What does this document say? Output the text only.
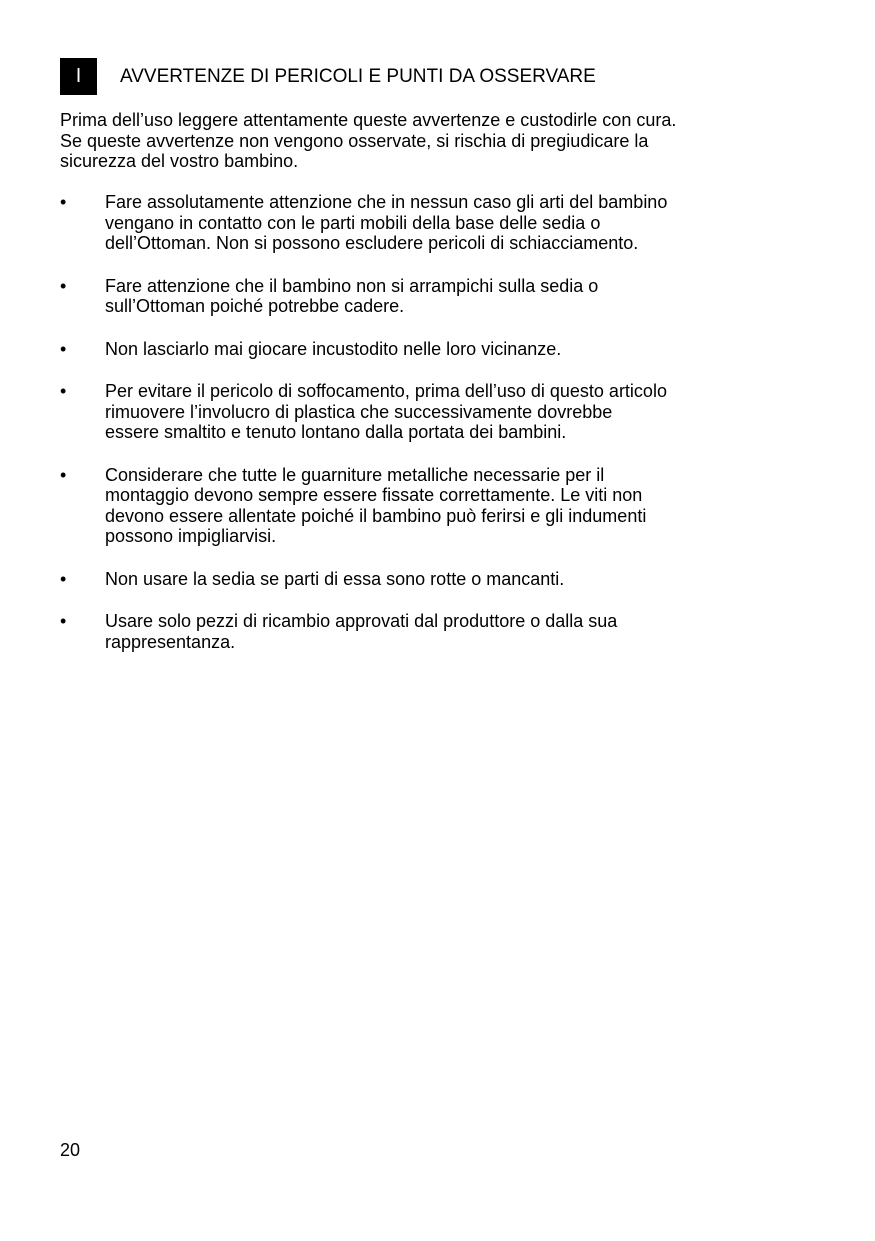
I	AVVERTENZE DI PERICOLI E PUNTI DA OSSERVARE
Prima dell’uso leggere attentamente queste avvertenze e custodirle con cura.
Se queste avvertenze non vengono osservate, si rischia di pregiudicare la
sicurezza del vostro bambino.
•	Fare assolutamente attenzione che in nessun caso gli arti del bambino
vengano in contatto con le parti mobili della base delle sedia o
dell’Ottoman. Non si possono escludere pericoli di schiacciamento.
•	Fare attenzione che il bambino non si arrampichi sulla sedia o
sull’Ottoman poiché potrebbe cadere.
•	Non lasciarlo mai giocare incustodito nelle loro vicinanze.
•	Per evitare il pericolo di soffocamento, prima dell’uso di questo articolo
rimuovere l’involucro di plastica che successivamente dovrebbe
essere smaltito e tenuto lontano dalla portata dei bambini.
•	Considerare che tutte le guarniture metalliche necessarie per il
montaggio devono sempre essere fissate correttamente. Le viti non
devono essere allentate poiché il bambino può ferirsi e gli indumenti
possono impigliarvisi.
•	Non usare la sedia se parti di essa sono rotte o mancanti.
•	Usare solo pezzi di ricambio approvati dal produttore o dalla sua
rappresentanza.
20
